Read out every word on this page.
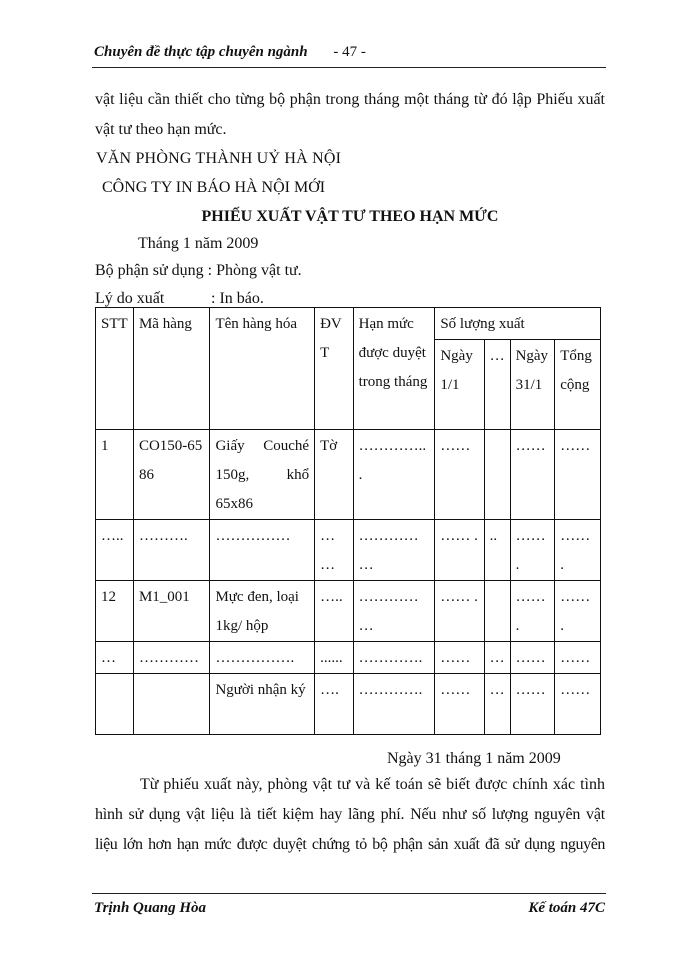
Chuyên đề thực tập chuyên ngành - 47 -
vật liệu cần thiết cho từng bộ phận trong tháng một tháng từ đó lập Phiếu xuất
vật tư theo hạn mức.
VĂN PHÒNG THÀNH UỶ HÀ NỘI
CÔNG TY IN BÁO HÀ NỘI MỚI
PHIẾU XUẤT VẬT TƯ THEO HẠN MỨC
Tháng 1 năm 2009
Bộ phận sử dụng : Phòng vật tư.
Lý do xuất	: In báo.
STT	Mã hàng	Tên hàng hóa	ĐVT	Hạn mức được duyệt trong tháng	Số lượng xuất			
					Ngày 1/1	…	Ngày 31/1	Tổng cộng
1	CO150-6586	Giấy Couché 150g, khổ 65x86	Tờ	………….. .	……		……	……
…..	……….	……………	… …	………… …	…… .	..	…… .	…… .
12	M1_001	Mực đen, loại 1kg/ hộp	…..	………… …	…… .		…… .	…… .
…	…………	…………….	......	………….	……	…	……	……
		Người nhận ký	….	………….	……	…	……	……
Ngày 31 tháng 1 năm 2009
Từ phiếu xuất này, phòng vật tư và kế toán sẽ biết được chính xác tình
hình sử dụng vật liệu là tiết kiệm hay lãng phí. Nếu như số lượng nguyên vật
liệu lớn hơn hạn mức được duyệt chứng tỏ bộ phận sản xuất đã sử dụng nguyên
Trịnh Quang Hòa	Kế toán 47C
